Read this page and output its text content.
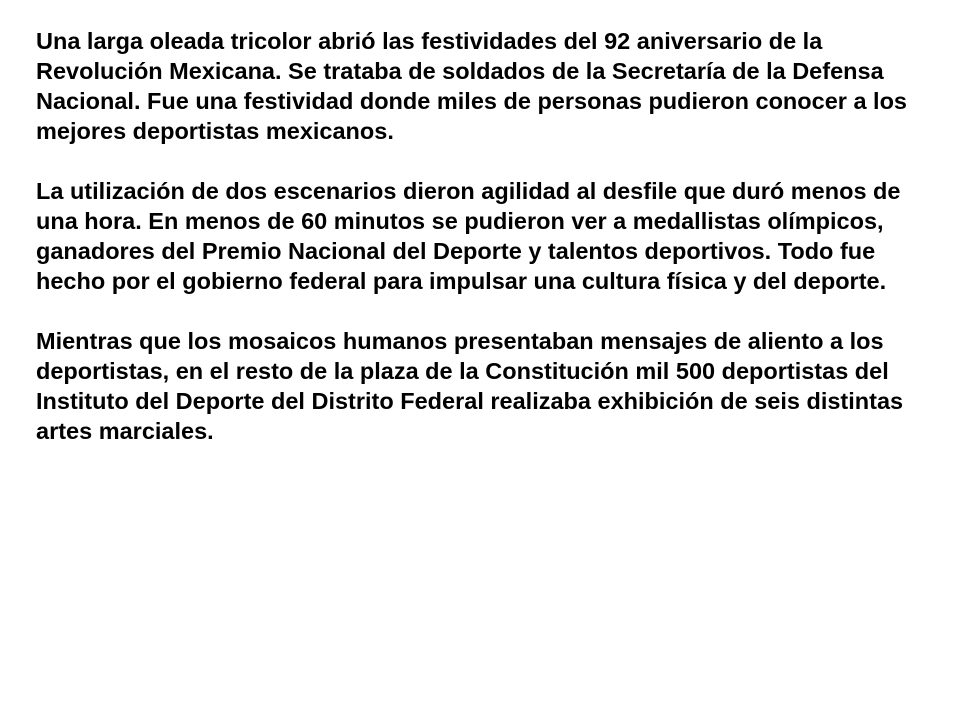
Una larga oleada tricolor abrió las festividades del 92 aniversario de la Revolución Mexicana. Se trataba de soldados de la Secretaría de la Defensa Nacional. Fue una festividad donde miles de personas pudieron conocer a los mejores deportistas mexicanos.

La utilización de dos escenarios dieron agilidad al desfile que duró menos de una hora. En menos de 60 minutos se pudieron ver a medallistas olímpicos, ganadores del Premio Nacional del Deporte y talentos deportivos. Todo fue hecho por el gobierno federal para impulsar una cultura física y del deporte.

Mientras que los mosaicos humanos presentaban mensajes de aliento a los deportistas, en el resto de la plaza de la Constitución mil 500 deportistas del Instituto del Deporte del Distrito Federal realizaba exhibición de seis distintas artes marciales.
